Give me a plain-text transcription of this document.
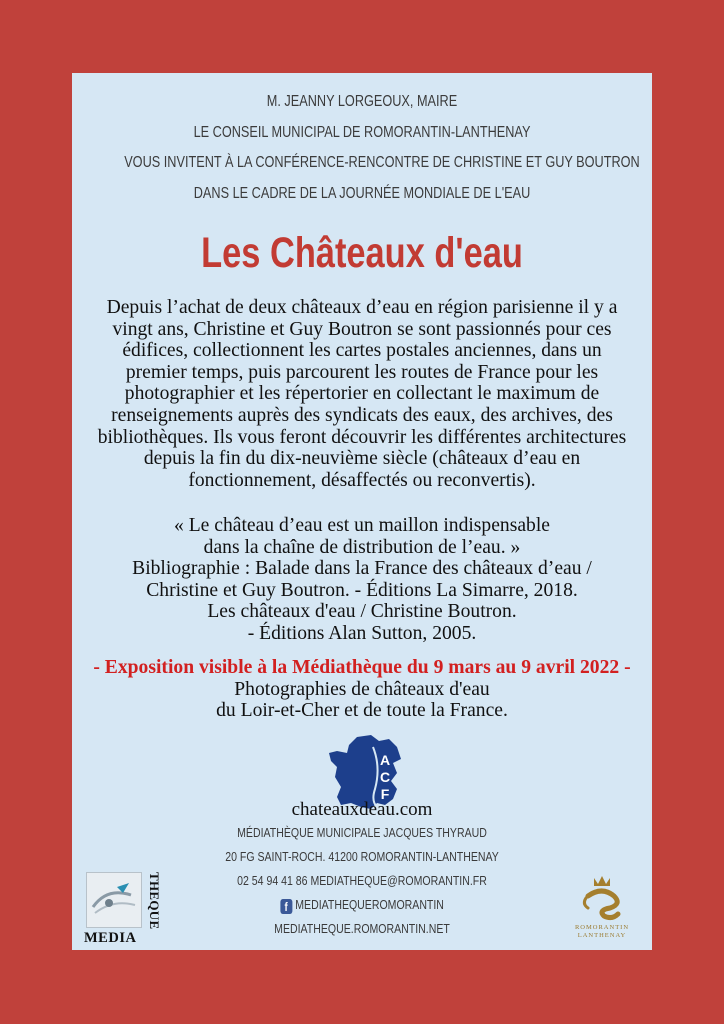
M. JEANNY LORGEOUX, MAIRE
LE CONSEIL MUNICIPAL DE ROMORANTIN-LANTHENAY
VOUS INVITENT À LA CONFÉRENCE-RENCONTRE DE CHRISTINE ET GUY BOUTRON
DANS LE CADRE DE LA JOURNÉE MONDIALE DE L'EAU
Les Châteaux d'eau
Depuis l’achat de deux châteaux d’eau en région parisienne il y a
vingt ans, Christine et Guy Boutron se sont passionnés pour ces
édifices, collectionnent les cartes postales anciennes, dans un
premier temps, puis parcourent les routes de France pour les
photographier et les répertorier en collectant le maximum de
renseignements auprès des syndicats des eaux, des archives, des
bibliothèques. Ils vous feront découvrir les différentes architectures
depuis la fin du dix-neuvième siècle (châteaux d’eau en
fonctionnement, désaffectés ou reconvertis).
« Le château d’eau est un maillon indispensable
dans la chaîne de distribution de l’eau. »
Bibliographie : Balade dans la France des châteaux d’eau /
Christine et Guy Boutron. - Éditions La Simarre, 2018.
Les châteaux d'eau / Christine Boutron.
- Éditions Alan Sutton, 2005.
- Exposition visible à la Médiathèque du 9 mars au 9 avril 2022 -
Photographies de châteaux d'eau
du Loir-et-Cher et de toute la France.
A
C
F
chateauxdeau.com
MÉDIATHÈQUE MUNICIPALE JACQUES THYRAUD
20 FG SAINT-ROCH. 41200 ROMORANTIN-LANTHENAY
02 54 94 41 86 MEDIATHEQUE@ROMORANTIN.FR
f MEDIATHEQUEROMORANTIN
MEDIATHEQUE.ROMORANTIN.NET
THEQUE
MEDIA
ROMORANTIN
LANTHENAY
